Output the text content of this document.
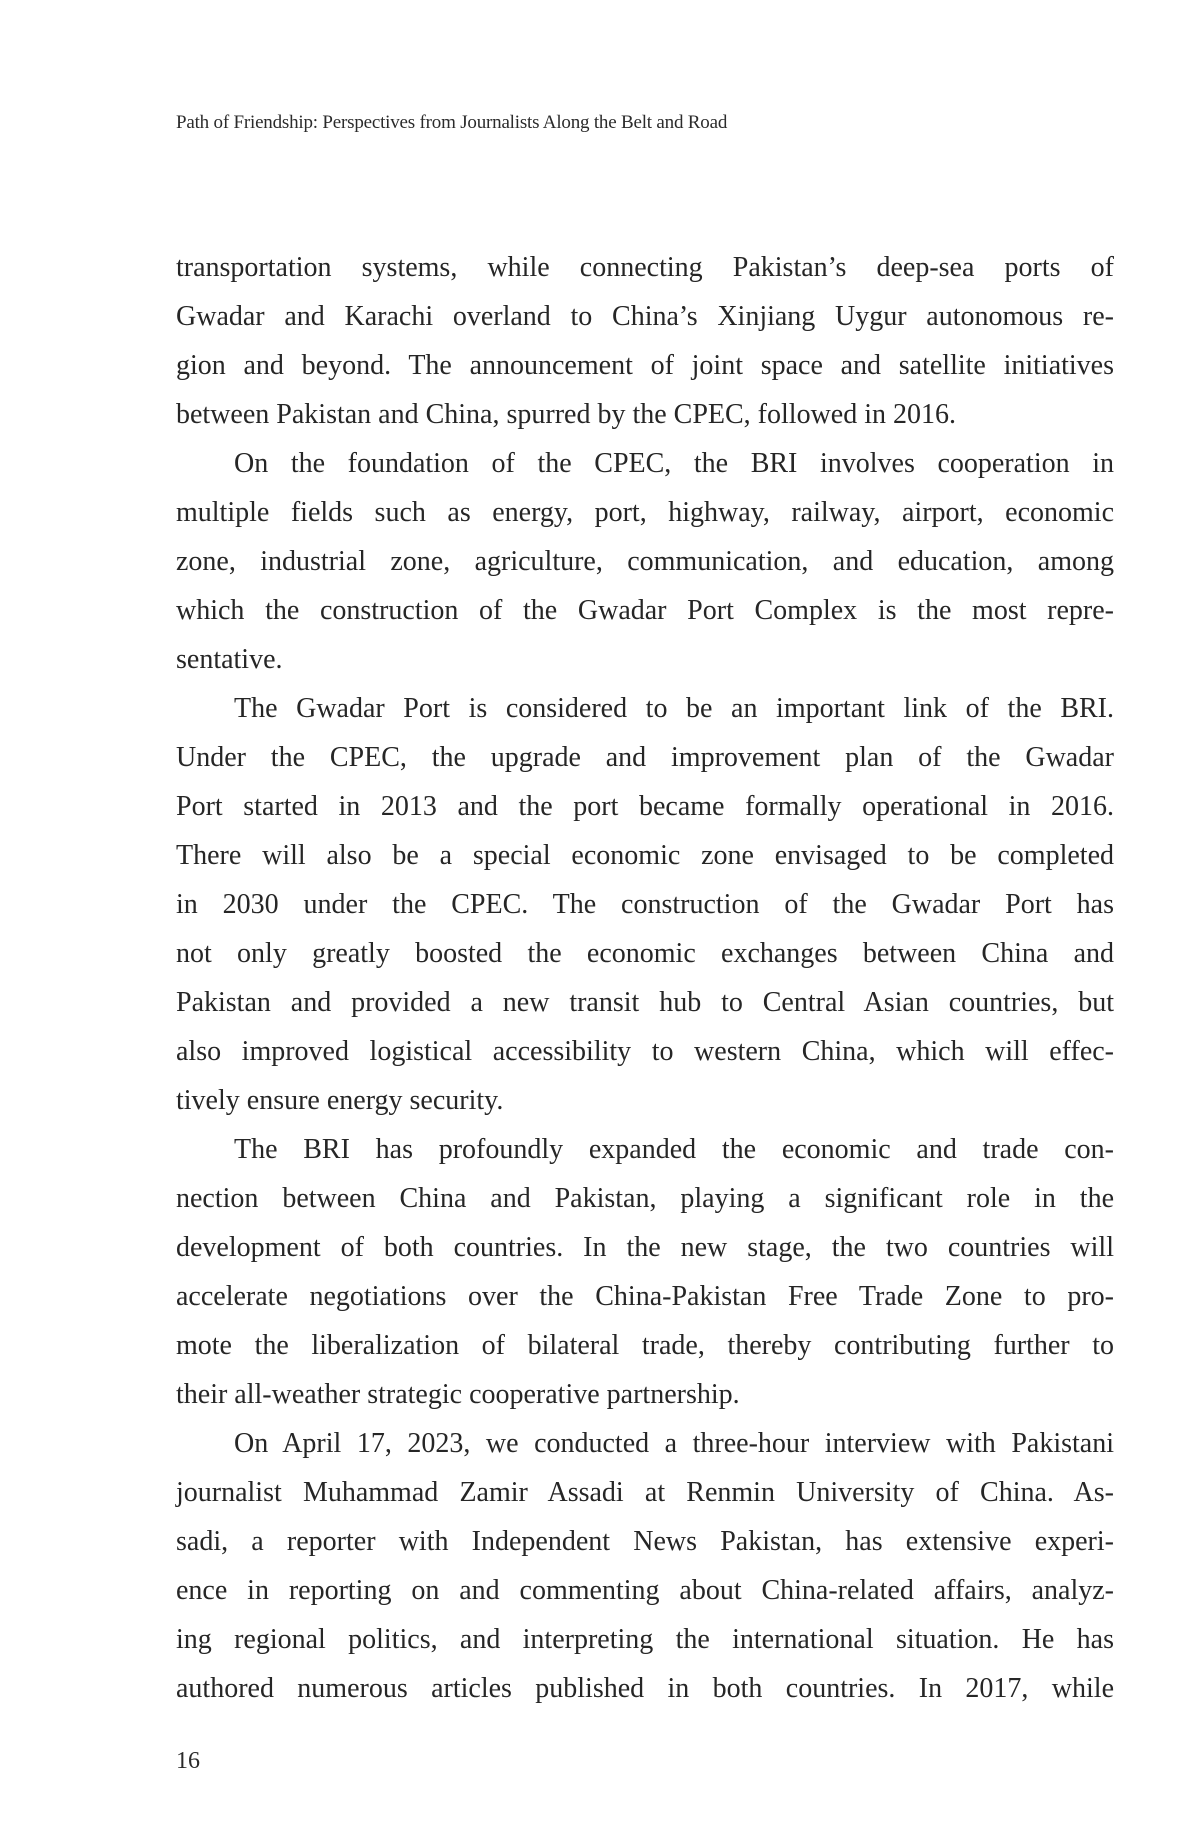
Path of Friendship: Perspectives from Journalists Along the Belt and Road
transportation systems, while connecting Pakistan’s deep-sea ports of
Gwadar and Karachi overland to China’s Xinjiang Uygur autonomous re-
gion and beyond. The announcement of joint space and satellite initiatives
between Pakistan and China, spurred by the CPEC, followed in 2016.
On the foundation of the CPEC, the BRI involves cooperation in
multiple fields such as energy, port, highway, railway, airport, economic
zone, industrial zone, agriculture, communication, and education, among
which the construction of the Gwadar Port Complex is the most repre-
sentative.
The Gwadar Port is considered to be an important link of the BRI.
Under the CPEC, the upgrade and improvement plan of the Gwadar
Port started in 2013 and the port became formally operational in 2016.
There will also be a special economic zone envisaged to be completed
in 2030 under the CPEC. The construction of the Gwadar Port has
not only greatly boosted the economic exchanges between China and
Pakistan and provided a new transit hub to Central Asian countries, but
also improved logistical accessibility to western China, which will effec-
tively ensure energy security.
The BRI has profoundly expanded the economic and trade con-
nection between China and Pakistan, playing a significant role in the
development of both countries. In the new stage, the two countries will
accelerate negotiations over the China-Pakistan Free Trade Zone to pro-
mote the liberalization of bilateral trade, thereby contributing further to
their all-weather strategic cooperative partnership.
On April 17, 2023, we conducted a three-hour interview with Pakistani
journalist Muhammad Zamir Assadi at Renmin University of China. As-
sadi, a reporter with Independent News Pakistan, has extensive experi-
ence in reporting on and commenting about China-related affairs, analyz-
ing regional politics, and interpreting the international situation. He has
authored numerous articles published in both countries. In 2017, while
16
